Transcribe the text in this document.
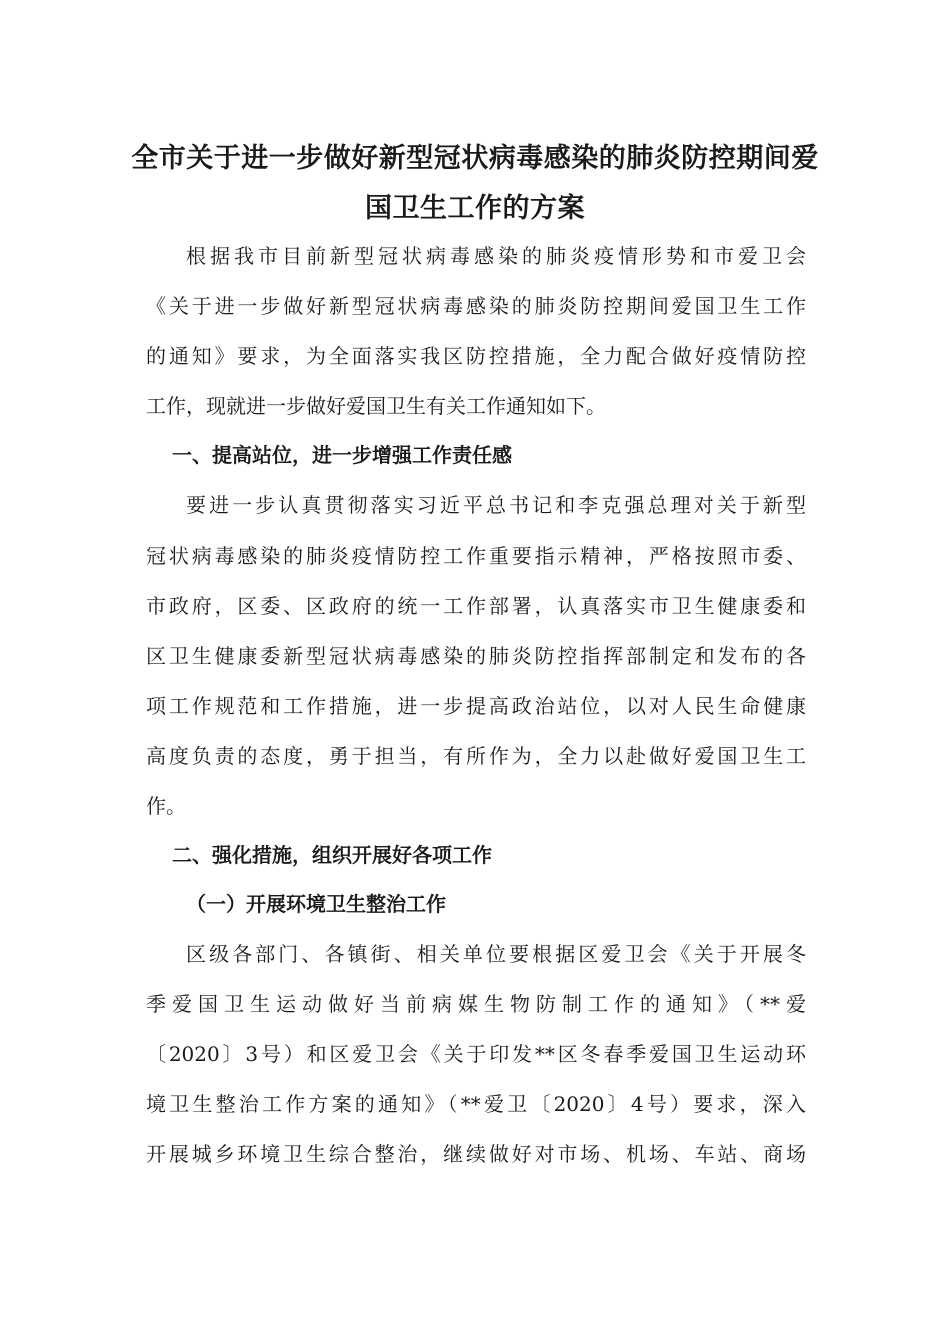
全市关于进一步做好新型冠状病毒感染的肺炎防控期间爱
国卫生工作的方案
根据我市目前新型冠状病毒感染的肺炎疫情形势和市爱卫会
《关于进一步做好新型冠状病毒感染的肺炎防控期间爱国卫生工作
的通知》要求，为全面落实我区防控措施，全力配合做好疫情防控
工作，现就进一步做好爱国卫生有关工作通知如下。
一、提高站位，进一步增强工作责任感
要进一步认真贯彻落实习近平总书记和李克强总理对关于新型
冠状病毒感染的肺炎疫情防控工作重要指示精神，严格按照市委、
市政府，区委、区政府的统一工作部署，认真落实市卫生健康委和
区卫生健康委新型冠状病毒感染的肺炎防控指挥部制定和发布的各
项工作规范和工作措施，进一步提高政治站位，以对人民生命健康
高度负责的态度，勇于担当，有所作为，全力以赴做好爱国卫生工
作。
二、强化措施，组织开展好各项工作
（一）开展环境卫生整治工作
区级各部门、各镇街、相关单位要根据区爱卫会《关于开展冬
季爱国卫生运动做好当前病媒生物防制工作的通知》（**爱
〔2020〕3号）和区爱卫会《关于印发**区冬春季爱国卫生运动环
境卫生整治工作方案的通知》（**爱卫〔2020〕4号）要求，深入
开展城乡环境卫生综合整治，继续做好对市场、机场、车站、商场
